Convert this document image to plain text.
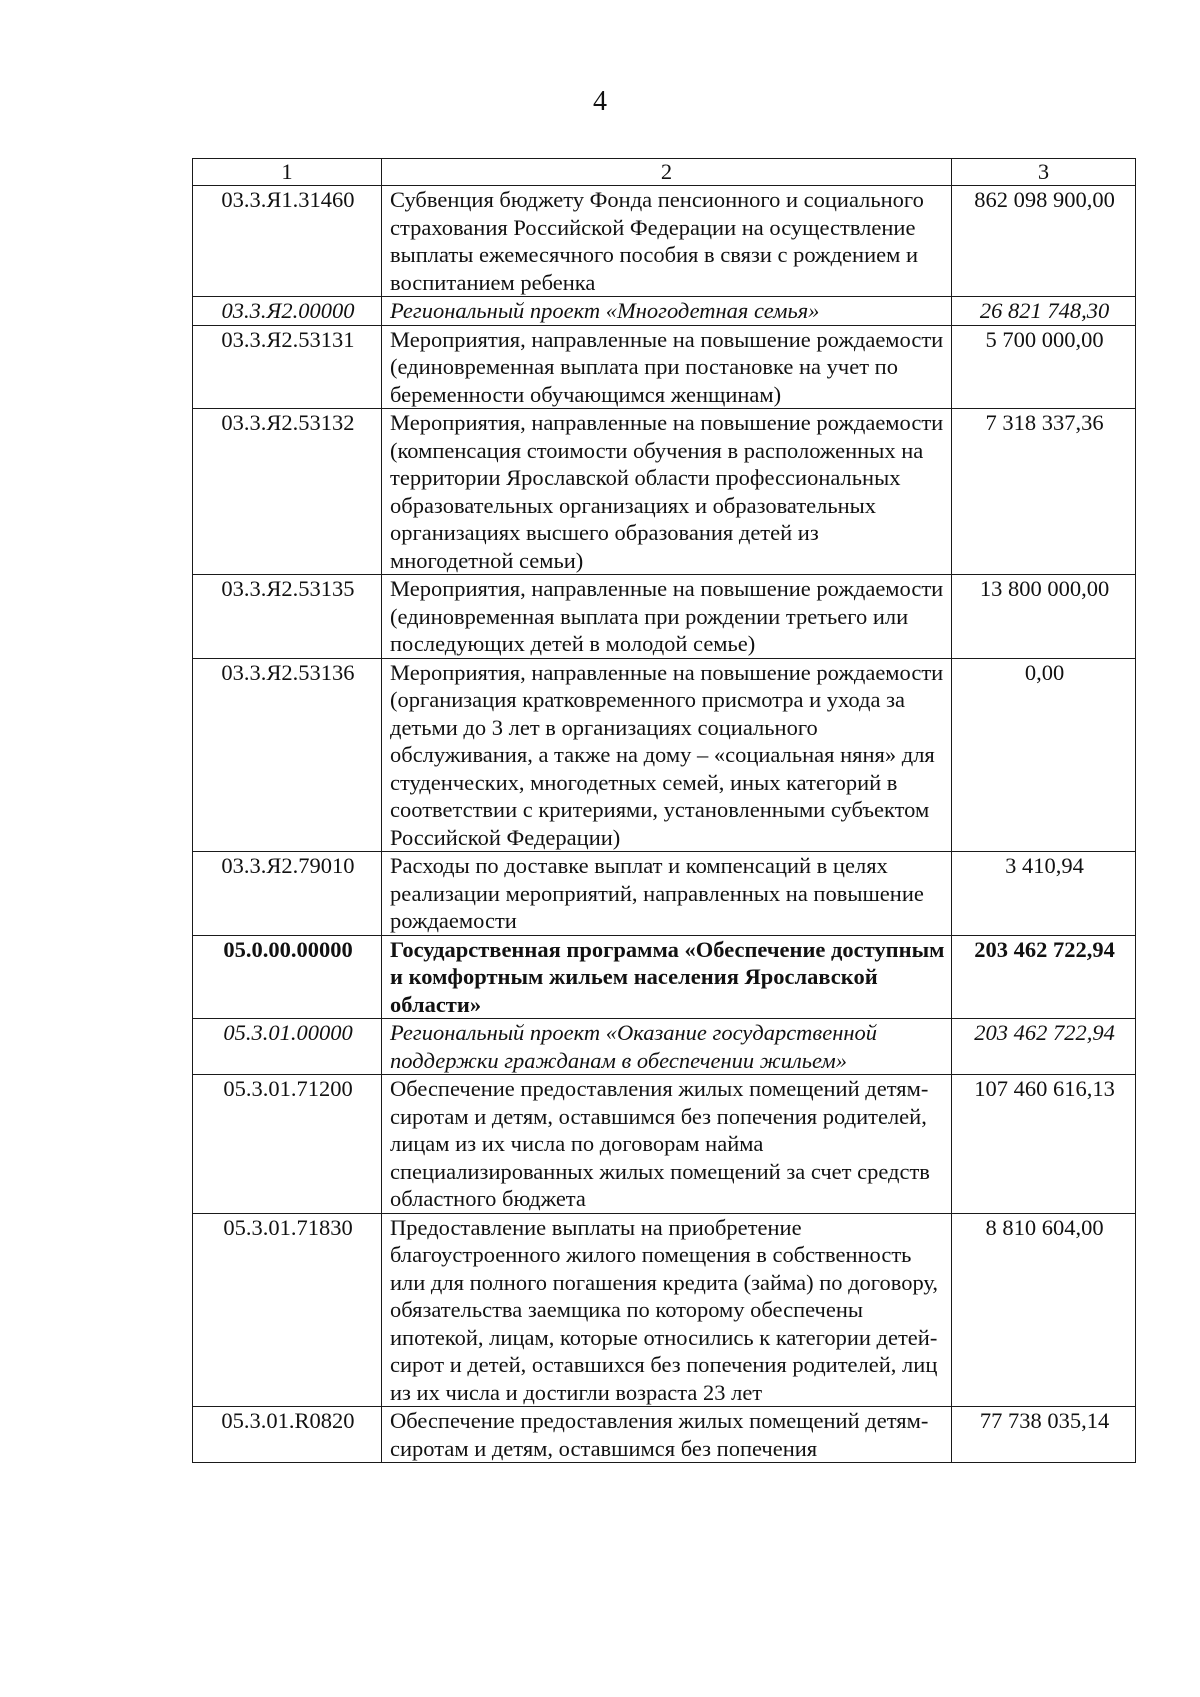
4
1	2	3
03.3.Я1.31460	Субвенция бюджету Фонда пенсионного и социального страхования Российской Федерации на осуществление выплаты ежемесячного пособия в связи с рождением и воспитанием ребенка	862 098 900,00
03.3.Я2.00000	Региональный проект «Многодетная семья»	26 821 748,30
03.3.Я2.53131	Мероприятия, направленные на повышение рождаемости (единовременная выплата при постановке на учет по беременности обучающимся женщинам)	5 700 000,00
03.3.Я2.53132	Мероприятия, направленные на повышение рождаемости (компенсация стоимости обучения в расположенных на территории Ярославской области профессиональных образовательных организациях и образовательных организациях высшего образования детей из многодетной семьи)	7 318 337,36
03.3.Я2.53135	Мероприятия, направленные на повышение рождаемости (единовременная выплата при рождении третьего или последующих детей в молодой семье)	13 800 000,00
03.3.Я2.53136	Мероприятия, направленные на повышение рождаемости (организация кратковременного присмотра и ухода за детьми до 3 лет в организациях социального обслуживания, а также на дому – «социальная няня» для студенческих, многодетных семей, иных категорий в соответствии с критериями, установленными субъектом Российской Федерации)	0,00
03.3.Я2.79010	Расходы по доставке выплат и компенсаций в целях реализации мероприятий, направленных на повышение рождаемости	3 410,94
05.0.00.00000	Государственная программа «Обеспечение доступным и комфортным жильем населения Ярославской области»	203 462 722,94
05.3.01.00000	Региональный проект «Оказание государственной поддержки гражданам в обеспечении жильем»	203 462 722,94
05.3.01.71200	Обеспечение предоставления жилых помещений детям-сиротам и детям, оставшимся без попечения родителей, лицам из их числа по договорам найма специализированных жилых помещений за счет средств областного бюджета	107 460 616,13
05.3.01.71830	Предоставление выплаты на приобретение благоустроенного жилого помещения в собственность или для полного погашения кредита (займа) по договору, обязательства заемщика по которому обеспечены ипотекой, лицам, которые относились к категории детей-сирот и детей, оставшихся без попечения родителей, лиц из их числа и достигли возраста 23 лет	8 810 604,00
05.3.01.R0820	Обеспечение предоставления жилых помещений детям-сиротам и детям, оставшимся без попечения	77 738 035,14
